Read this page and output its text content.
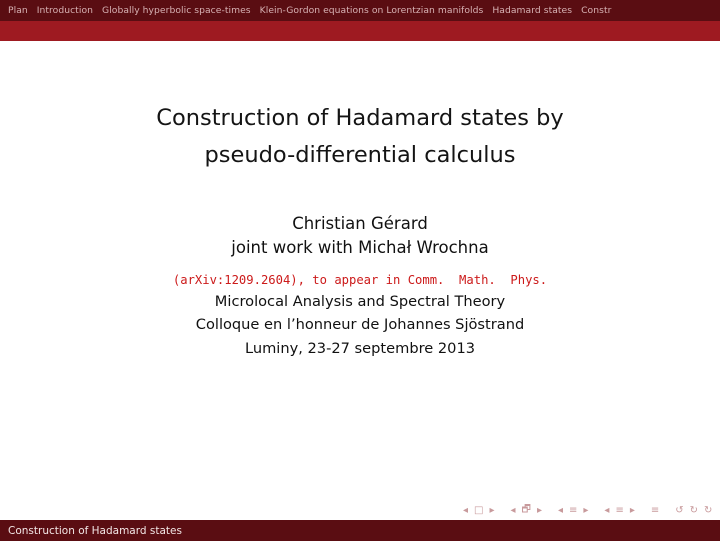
Plan Introduction Globally hyperbolic space-times Klein-Gordon equations on Lorentzian manifolds Hadamard states Constr
Construction of Hadamard states by
pseudo-differential calculus
Christian Gérard
joint work with Michał Wrochna
(arXiv:1209.2604), to appear in Comm.  Math.  Phys.
Microlocal Analysis and Spectral Theory
Colloque en l’honneur de Johannes Sjöstrand
Luminy, 23-27 septembre 2013
◂ □ ▸ ◂ 🗗 ▸ ◂ ≡ ▸ ◂ ≡ ▸ ≡ ↺ ↻ ↻
Construction of Hadamard states
